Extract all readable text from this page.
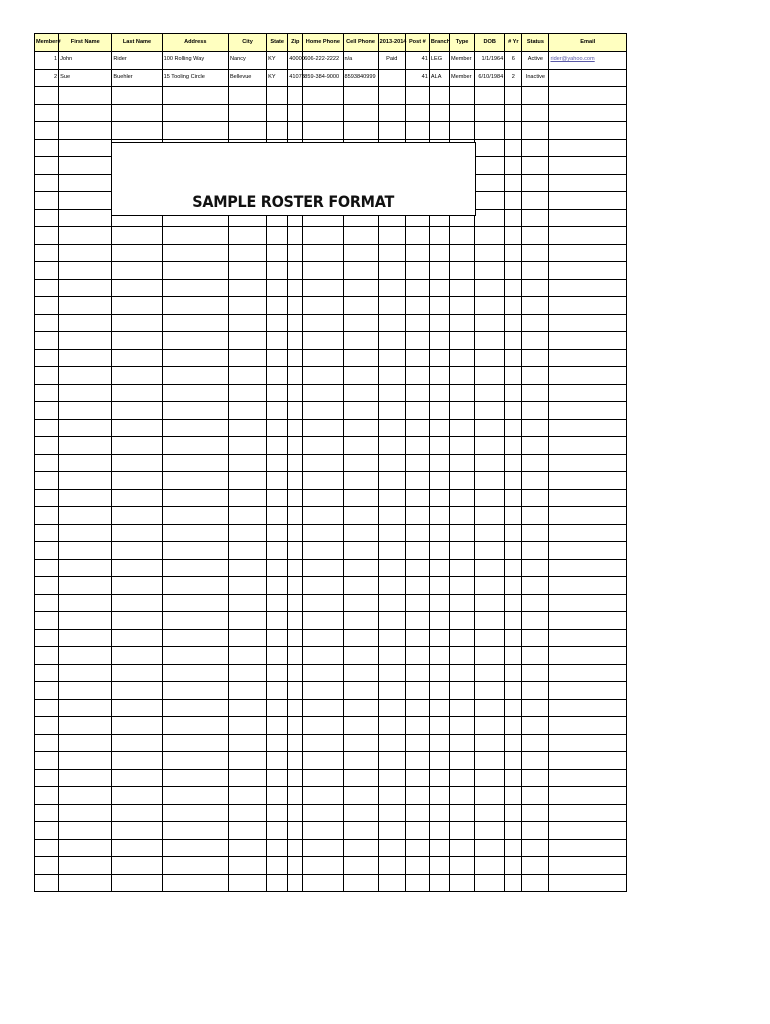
Member#	First Name	Last Name	Address	City	State	Zip	Home Phone	Cell Phone	2013-2014	Post #	Branch	Type	DOB	# Yr	Status	Email
1	John	Rider	100 Rolling Way	Nancy	KY	40000	606-222-2222	n/a	Paid	41	LEG	Member	1/1/1964	6	Active	rider@yahoo.com
2	Sue	Buehler	15 Tooling Circle	Bellevue	KY	41073	859-384-9000	8593840999		41	ALA	Member	6/10/1984	2	Inactive	

SAMPLE ROSTER FORMAT
